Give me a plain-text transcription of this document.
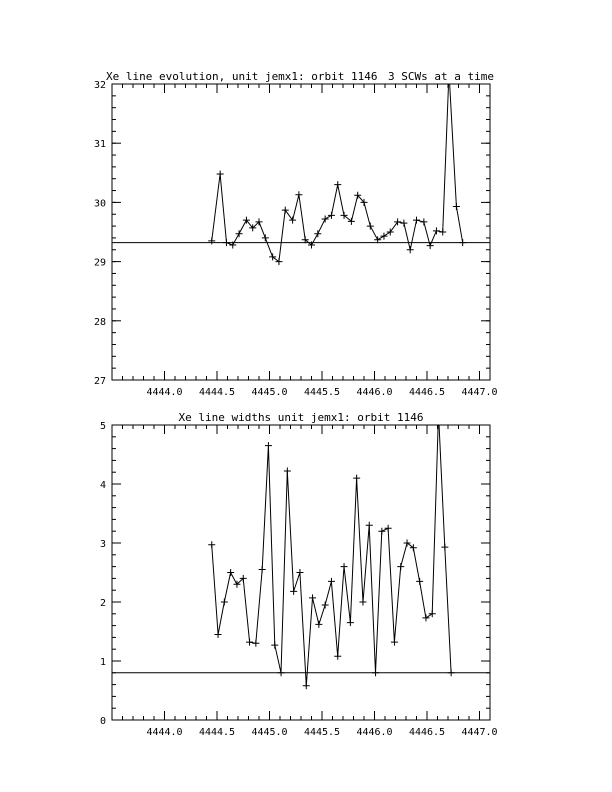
4444.0 4444.5 4445.0 4445.5 4446.0 4446.5 4447.0
27
28
29
30
31
32
Xe line evolution, unit jemx1: orbit 1146 3 SCWs at a time
4444.0 4444.5 4445.0 4445.5 4446.0 4446.5 4447.0
0
1
2
3
4
5
Xe line widths unit jemx1: orbit 1146
